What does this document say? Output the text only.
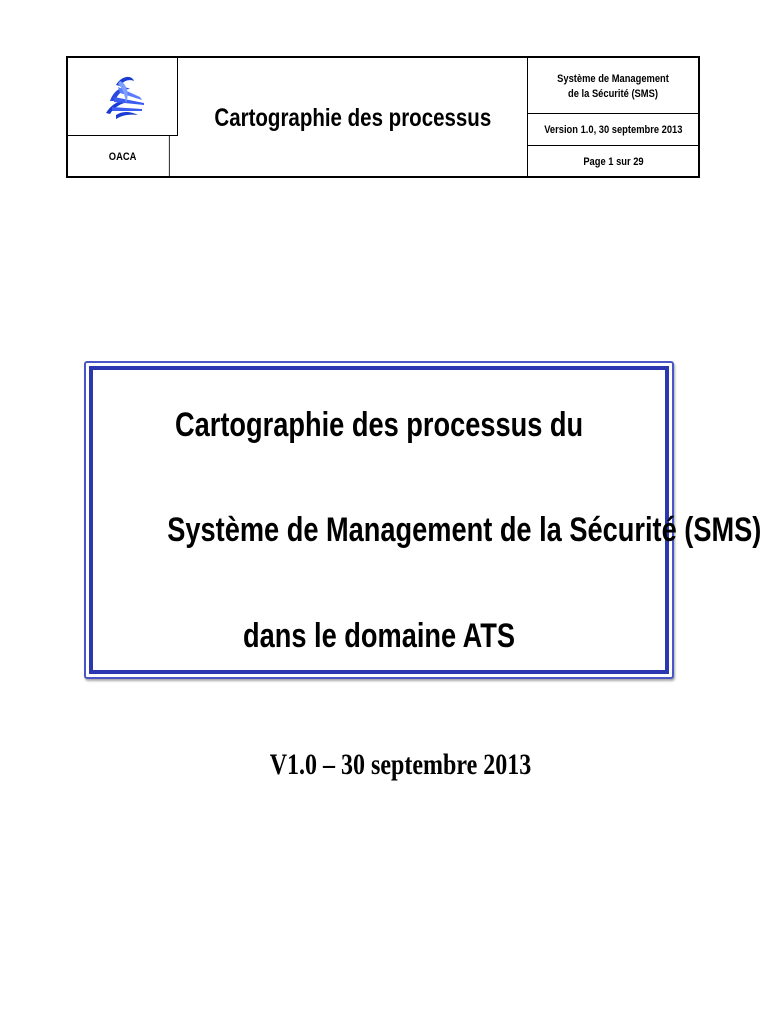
OACA
Cartographie des processus
Système de Management de la Sécurité (SMS)
Version 1.0, 30 septembre 2013
Page 1 sur 29
Cartographie des processus du
Système de Management de la Sécurité (SMS)
dans le domaine ATS
V1.0 – 30 septembre 2013
